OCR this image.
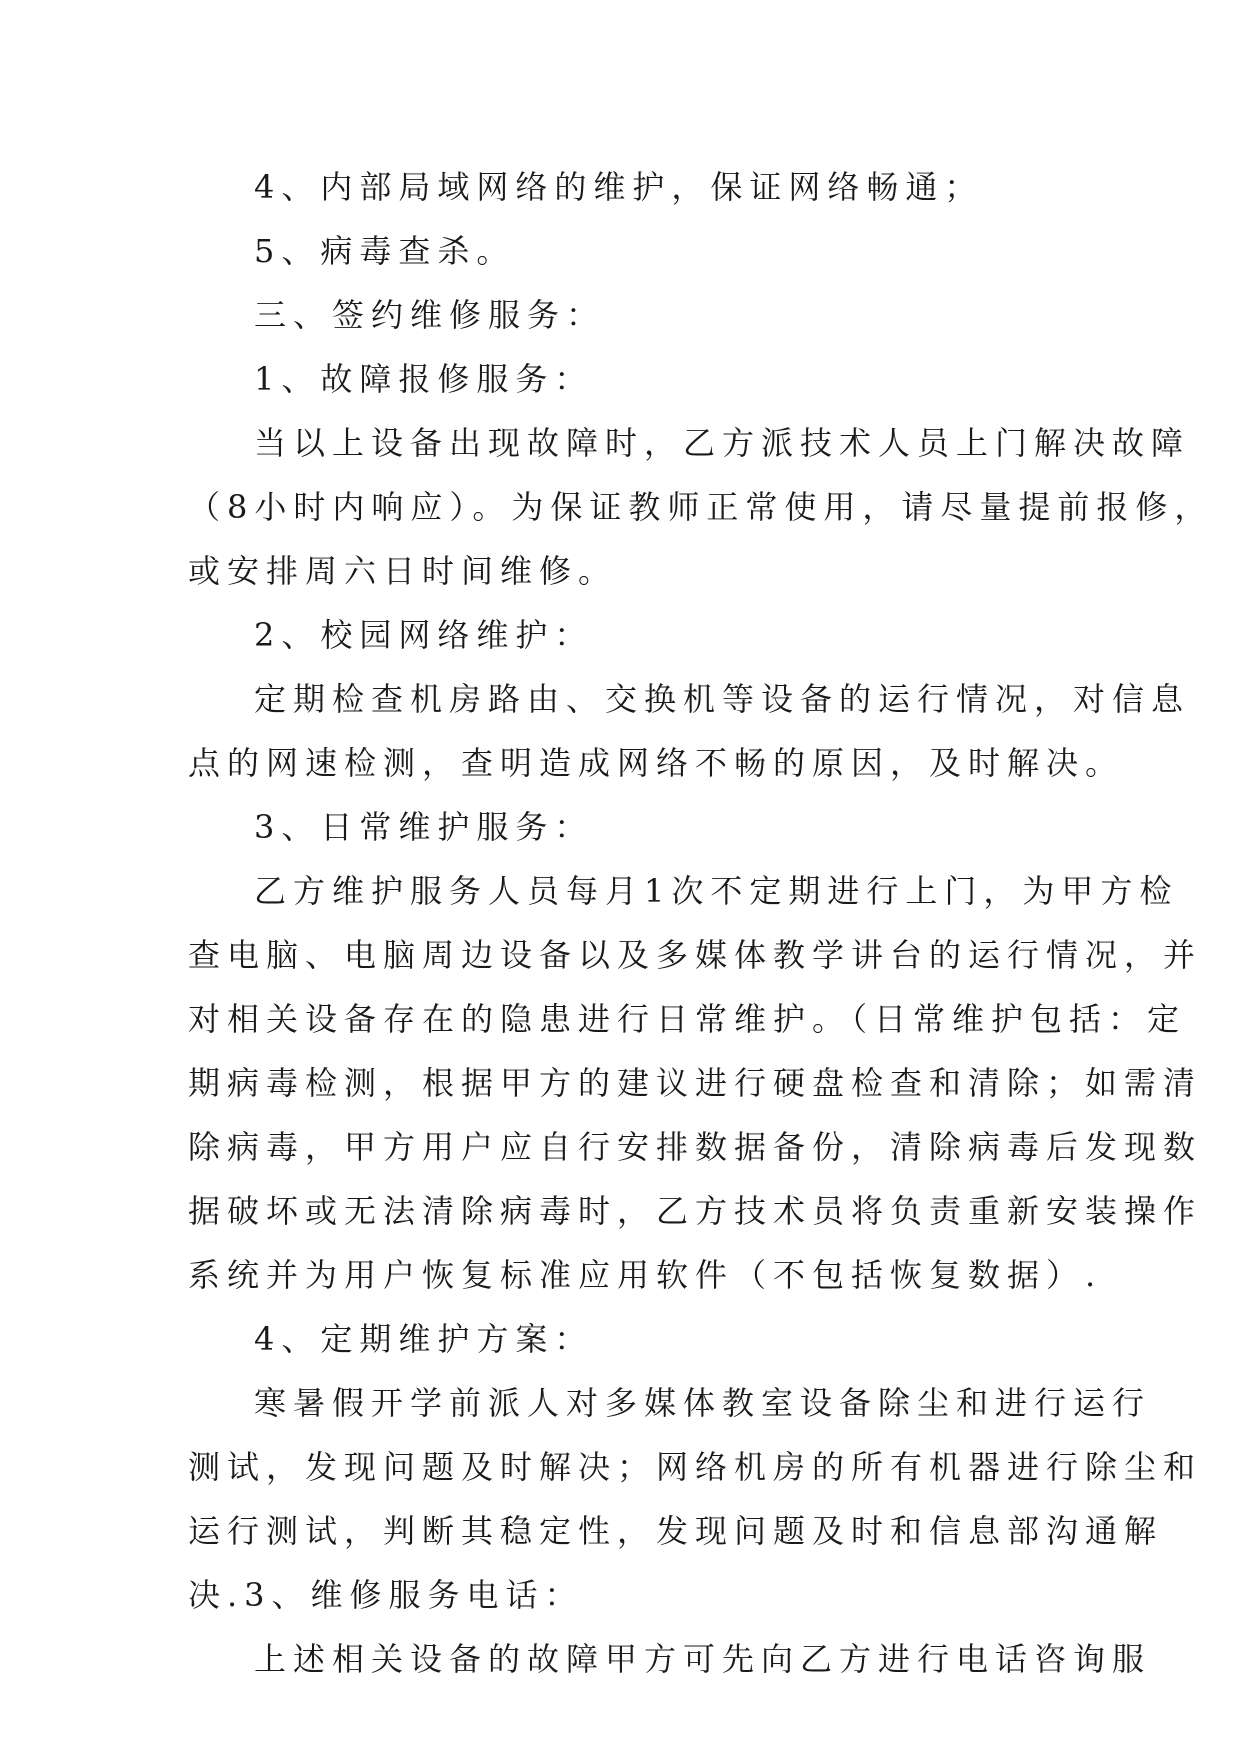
4、内部局域网络的维护，保证网络畅通；
5、病毒查杀。
三、签约维修服务：
1、故障报修服务：
当以上设备出现故障时，乙方派技术人员上门解决故障
（8小时内响应）。为保证教师正常使用，请尽量提前报修，
或安排周六日时间维修。
2、校园网络维护：
定期检查机房路由、交换机等设备的运行情况，对信息
点的网速检测，查明造成网络不畅的原因，及时解决。
3、日常维护服务：
乙方维护服务人员每月1次不定期进行上门，为甲方检
查电脑、电脑周边设备以及多媒体教学讲台的运行情况，并
对相关设备存在的隐患进行日常维护。（日常维护包括：定
期病毒检测，根据甲方的建议进行硬盘检查和清除；如需清
除病毒，甲方用户应自行安排数据备份，清除病毒后发现数
据破坏或无法清除病毒时，乙方技术员将负责重新安装操作
系统并为用户恢复标准应用软件（不包括恢复数据）.
4、定期维护方案：
寒暑假开学前派人对多媒体教室设备除尘和进行运行
测试，发现问题及时解决；网络机房的所有机器进行除尘和
运行测试，判断其稳定性，发现问题及时和信息部沟通解
决.3、维修服务电话：
上述相关设备的故障甲方可先向乙方进行电话咨询服
